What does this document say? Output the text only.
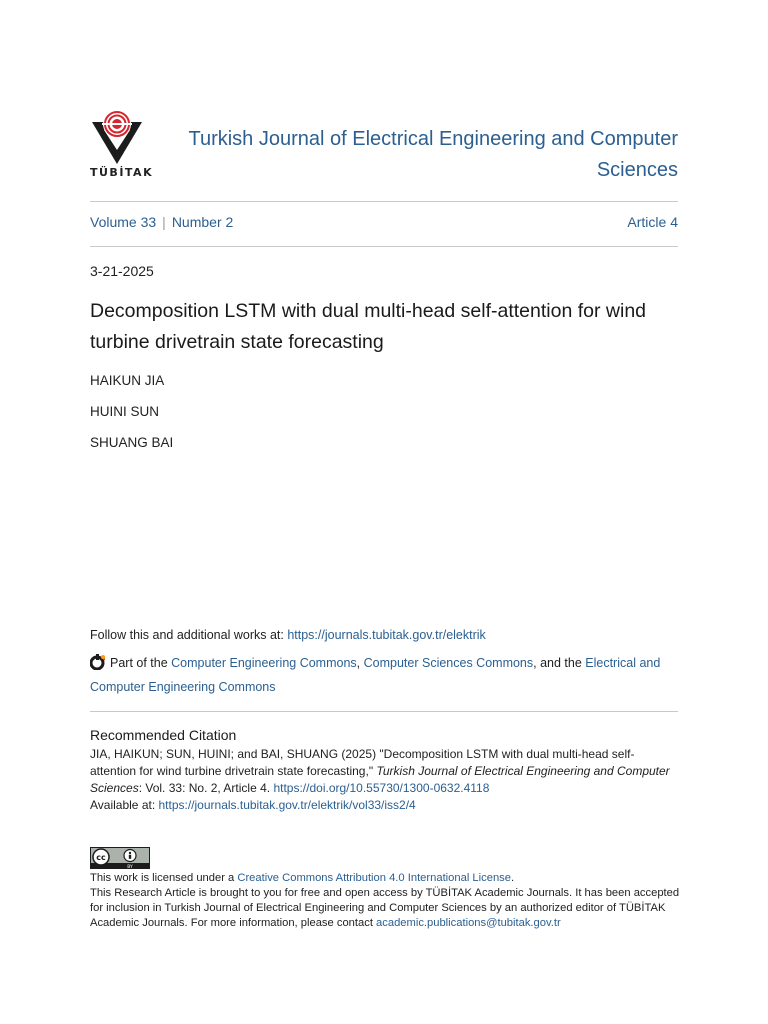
TÜBİTAK
Turkish Journal of Electrical Engineering and Computer Sciences
Volume 33 | Number 2	Article 4
3-21-2025
Decomposition LSTM with dual multi-head self-attention for wind turbine drivetrain state forecasting
HAIKUN JIA
HUINI SUN
SHUANG BAI
Follow this and additional works at: https://journals.tubitak.gov.tr/elektrik
Part of the Computer Engineering Commons, Computer Sciences Commons, and the Electrical and Computer Engineering Commons
Recommended Citation
JIA, HAIKUN; SUN, HUINI; and BAI, SHUANG (2025) "Decomposition LSTM with dual multi-head self-attention for wind turbine drivetrain state forecasting," Turkish Journal of Electrical Engineering and Computer Sciences: Vol. 33: No. 2, Article 4. https://doi.org/10.55730/1300-0632.4118
Available at: https://journals.tubitak.gov.tr/elektrik/vol33/iss2/4
cc
BY
This work is licensed under a Creative Commons Attribution 4.0 International License.
This Research Article is brought to you for free and open access by TÜBİTAK Academic Journals. It has been accepted for inclusion in Turkish Journal of Electrical Engineering and Computer Sciences by an authorized editor of TÜBİTAK Academic Journals. For more information, please contact academic.publications@tubitak.gov.tr
